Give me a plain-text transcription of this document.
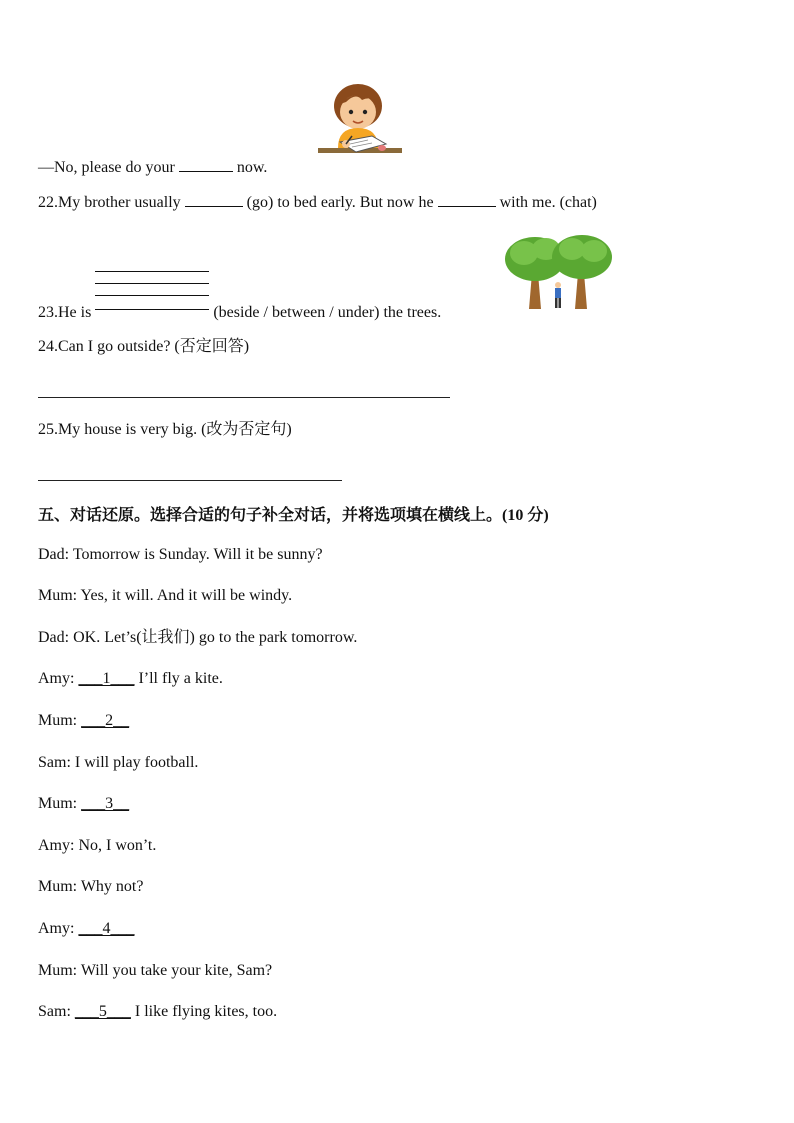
—No, please do your	now.
22.My brother usually	(go) to bed early. But now he	with me. (chat)
23.He is	(beside / between / under) the trees.
24.Can I go outside? (否定回答)
25.My house is very big. (改为否定句)
五、对话还原。选择合适的句子补全对话，并将选项填在横线上。(10 分)
Dad: Tomorrow is Sunday. Will it be sunny?
Mum: Yes, it will. And it will be windy.
Dad: OK. Let’s(让我们) go to the park tomorrow.
Amy: ___1___ I’ll fly a kite.
Mum: ___2__
Sam: I will play football.
Mum: ___3__
Amy: No, I won’t.
Mum: Why not?
Amy: ___4___
Mum: Will you take your kite, Sam?
Sam: ___5___ I like flying kites, too.
